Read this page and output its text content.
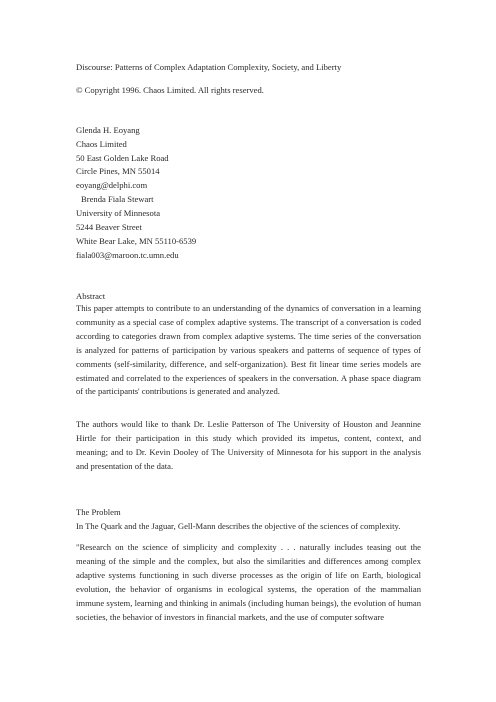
Discourse: Patterns of Complex Adaptation Complexity, Society, and Liberty
© Copyright 1996. Chaos Limited. All rights reserved.
Glenda H. Eoyang
Chaos Limited
50 East Golden Lake Road
Circle Pines, MN 55014
eoyang@delphi.com
Brenda Fiala Stewart
University of Minnesota
5244 Beaver Street
White Bear Lake, MN 55110-6539
fiala003@maroon.tc.umn.edu
Abstract
This paper attempts to contribute to an understanding of the dynamics of conversation in a learning community as a special case of complex adaptive systems. The transcript of a conversation is coded according to categories drawn from complex adaptive systems. The time series of the conversation is analyzed for patterns of participation by various speakers and patterns of sequence of types of comments (self-similarity, difference, and self-organization). Best fit linear time series models are estimated and correlated to the experiences of speakers in the conversation. A phase space diagram of the participants' contributions is generated and analyzed.
The authors would like to thank Dr. Leslie Patterson of The University of Houston and Jeannine Hirtle for their participation in this study which provided its impetus, content, context, and meaning; and to Dr. Kevin Dooley of The University of Minnesota for his support in the analysis and presentation of the data.
The Problem
In The Quark and the Jaguar, Gell-Mann describes the objective of the sciences of complexity.
"Research on the science of simplicity and complexity . . . naturally includes teasing out the meaning of the simple and the complex, but also the similarities and differences among complex adaptive systems functioning in such diverse processes as the origin of life on Earth, biological evolution, the behavior of organisms in ecological systems, the operation of the mammalian immune system, learning and thinking in animals (including human beings), the evolution of human societies, the behavior of investors in financial markets, and the use of computer software
